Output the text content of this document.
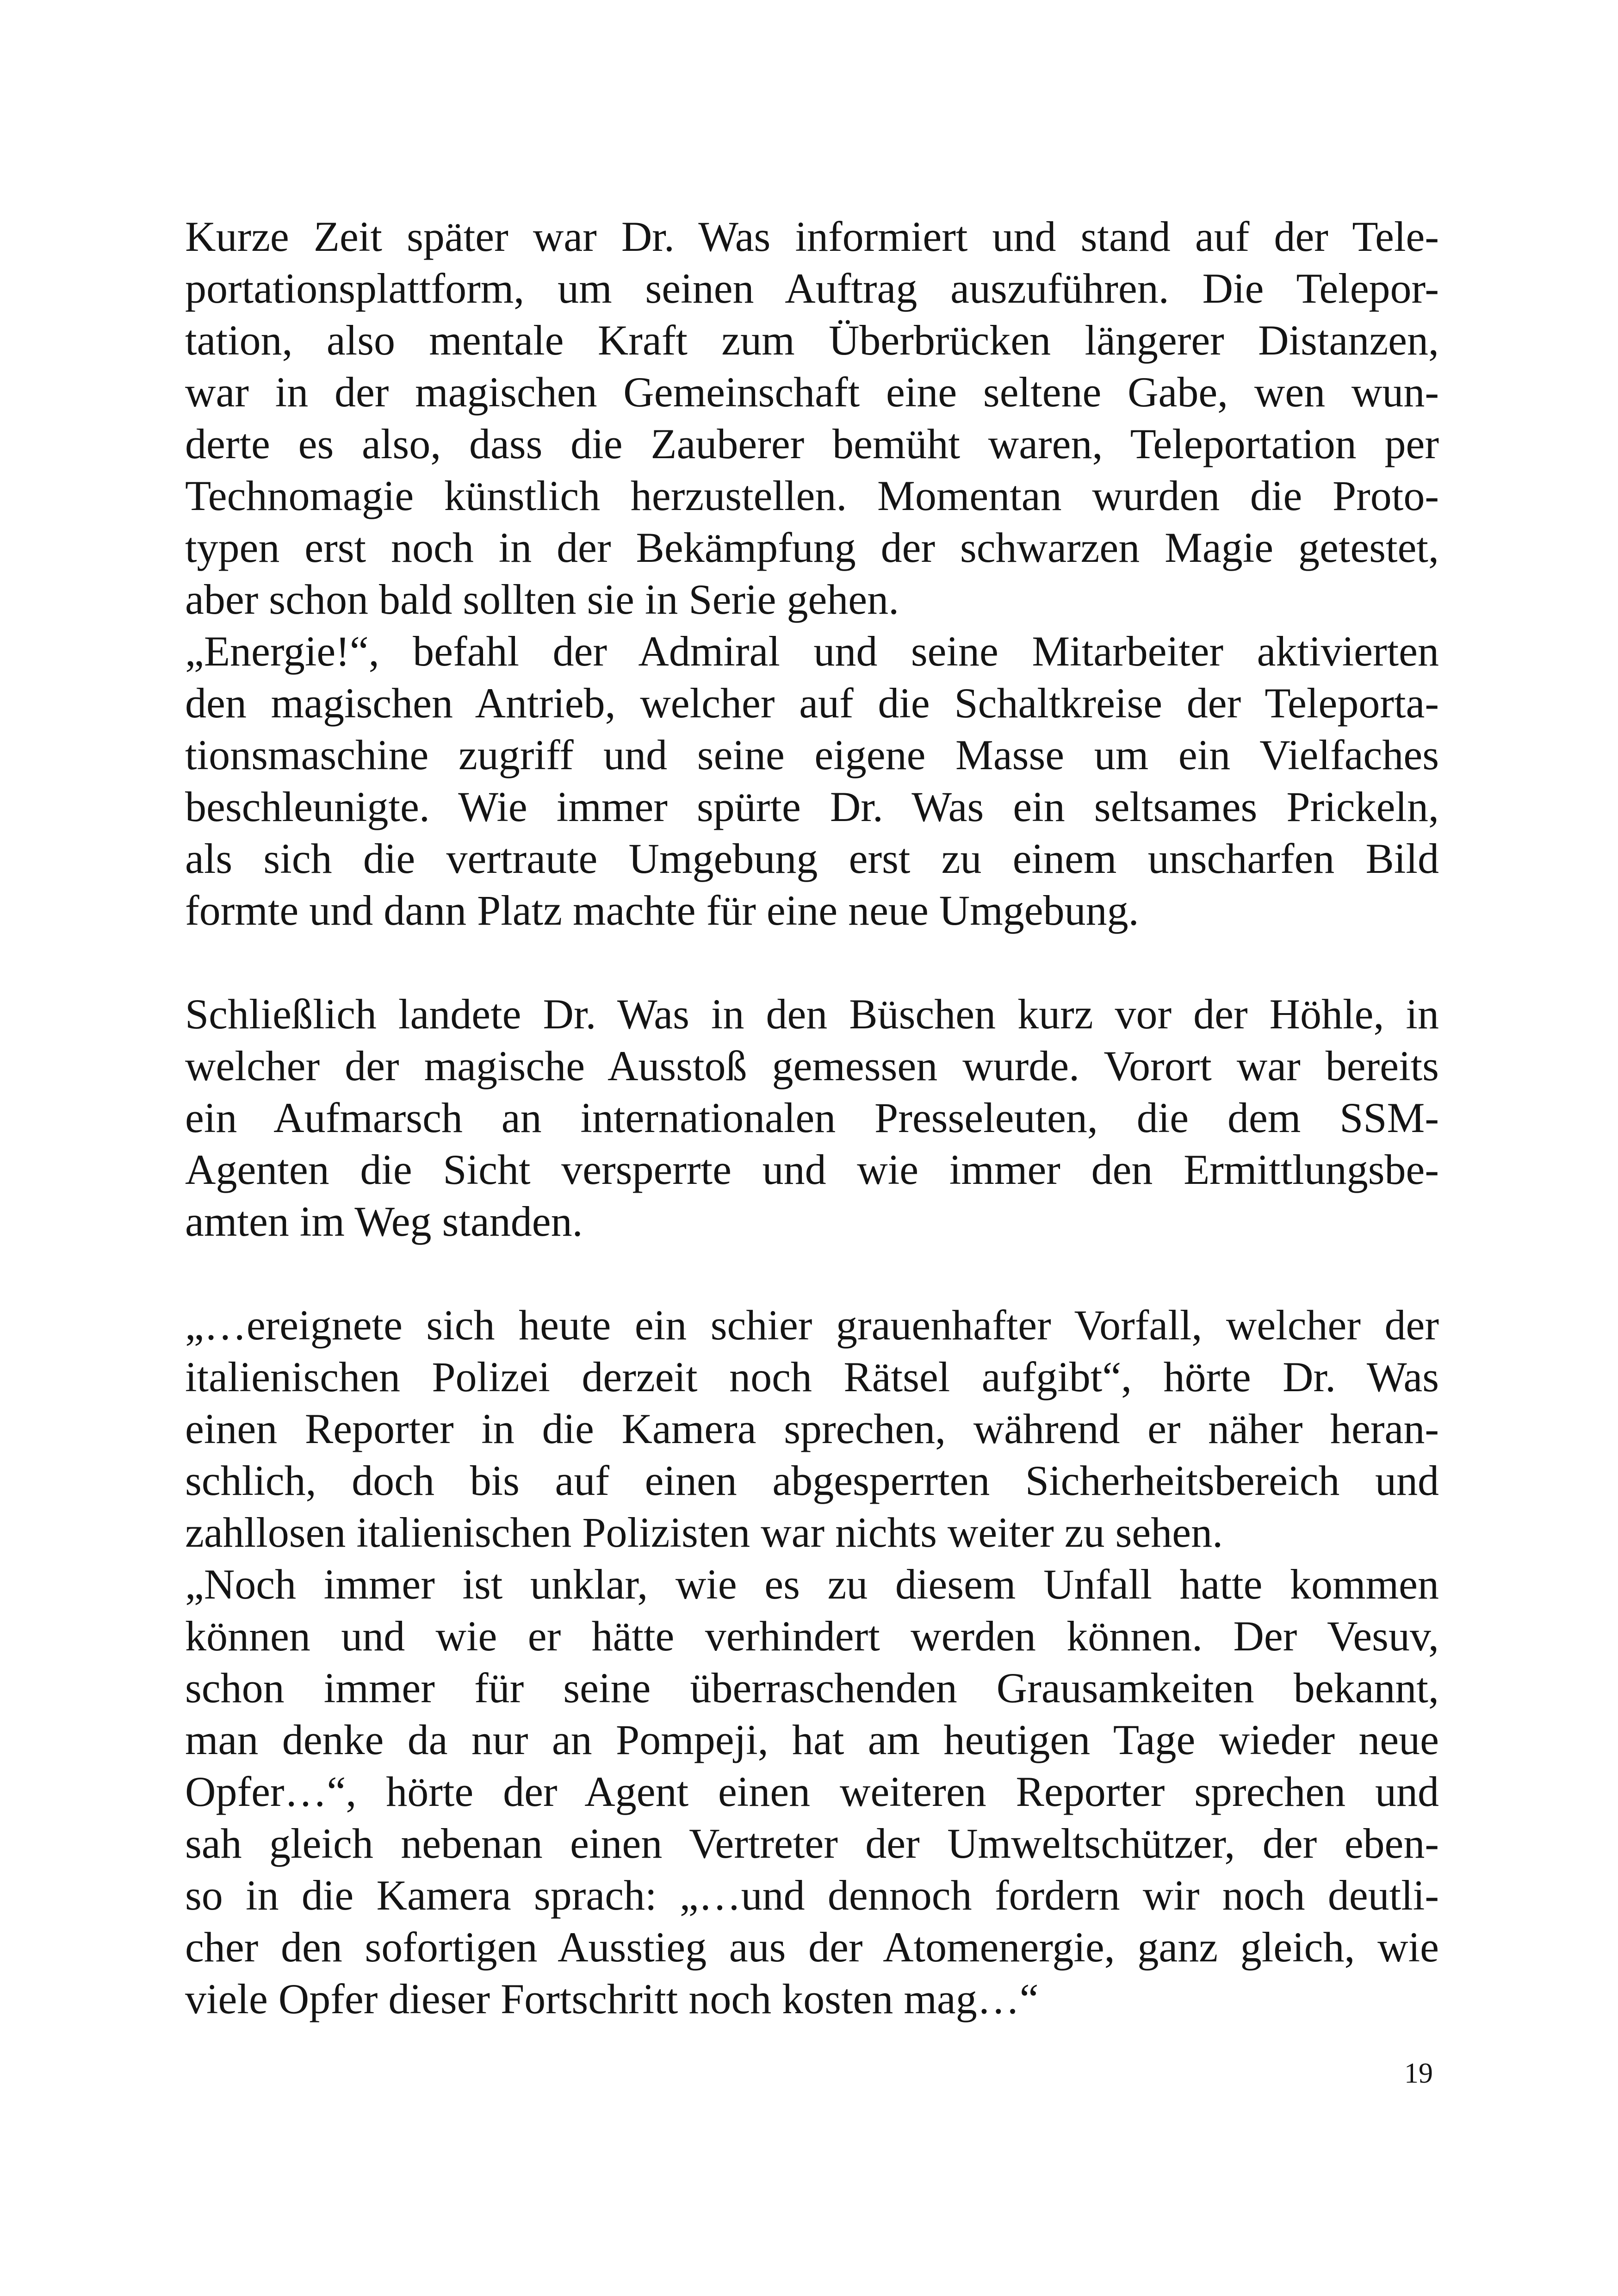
Kurze Zeit später war Dr. Was informiert und stand auf der Tele-
portationsplattform, um seinen Auftrag auszuführen. Die Telepor-
tation, also mentale Kraft zum Überbrücken längerer Distanzen,
war in der magischen Gemeinschaft eine seltene Gabe, wen wun-
derte es also, dass die Zauberer bemüht waren, Teleportation per
Technomagie künstlich herzustellen. Momentan wurden die Proto-
typen erst noch in der Bekämpfung der schwarzen Magie getestet,
aber schon bald sollten sie in Serie gehen.
„Energie!“, befahl der Admiral und seine Mitarbeiter aktivierten
den magischen Antrieb, welcher auf die Schaltkreise der Teleporta-
tionsmaschine zugriff und seine eigene Masse um ein Vielfaches
beschleunigte. Wie immer spürte Dr. Was ein seltsames Prickeln,
als sich die vertraute Umgebung erst zu einem unscharfen Bild
formte und dann Platz machte für eine neue Umgebung.
Schließlich landete Dr. Was in den Büschen kurz vor der Höhle, in
welcher der magische Ausstoß gemessen wurde. Vorort war bereits
ein Aufmarsch an internationalen Presseleuten, die dem SSM-
Agenten die Sicht versperrte und wie immer den Ermittlungsbe-
amten im Weg standen.
„…ereignete sich heute ein schier grauenhafter Vorfall, welcher der
italienischen Polizei derzeit noch Rätsel aufgibt“, hörte Dr. Was
einen Reporter in die Kamera sprechen, während er näher heran-
schlich, doch bis auf einen abgesperrten Sicherheitsbereich und
zahllosen italienischen Polizisten war nichts weiter zu sehen.
„Noch immer ist unklar, wie es zu diesem Unfall hatte kommen
können und wie er hätte verhindert werden können. Der Vesuv,
schon immer für seine überraschenden Grausamkeiten bekannt,
man denke da nur an Pompeji, hat am heutigen Tage wieder neue
Opfer…“, hörte der Agent einen weiteren Reporter sprechen und
sah gleich nebenan einen Vertreter der Umweltschützer, der eben-
so in die Kamera sprach: „…und dennoch fordern wir noch deutli-
cher den sofortigen Ausstieg aus der Atomenergie, ganz gleich, wie
viele Opfer dieser Fortschritt noch kosten mag…“
19
